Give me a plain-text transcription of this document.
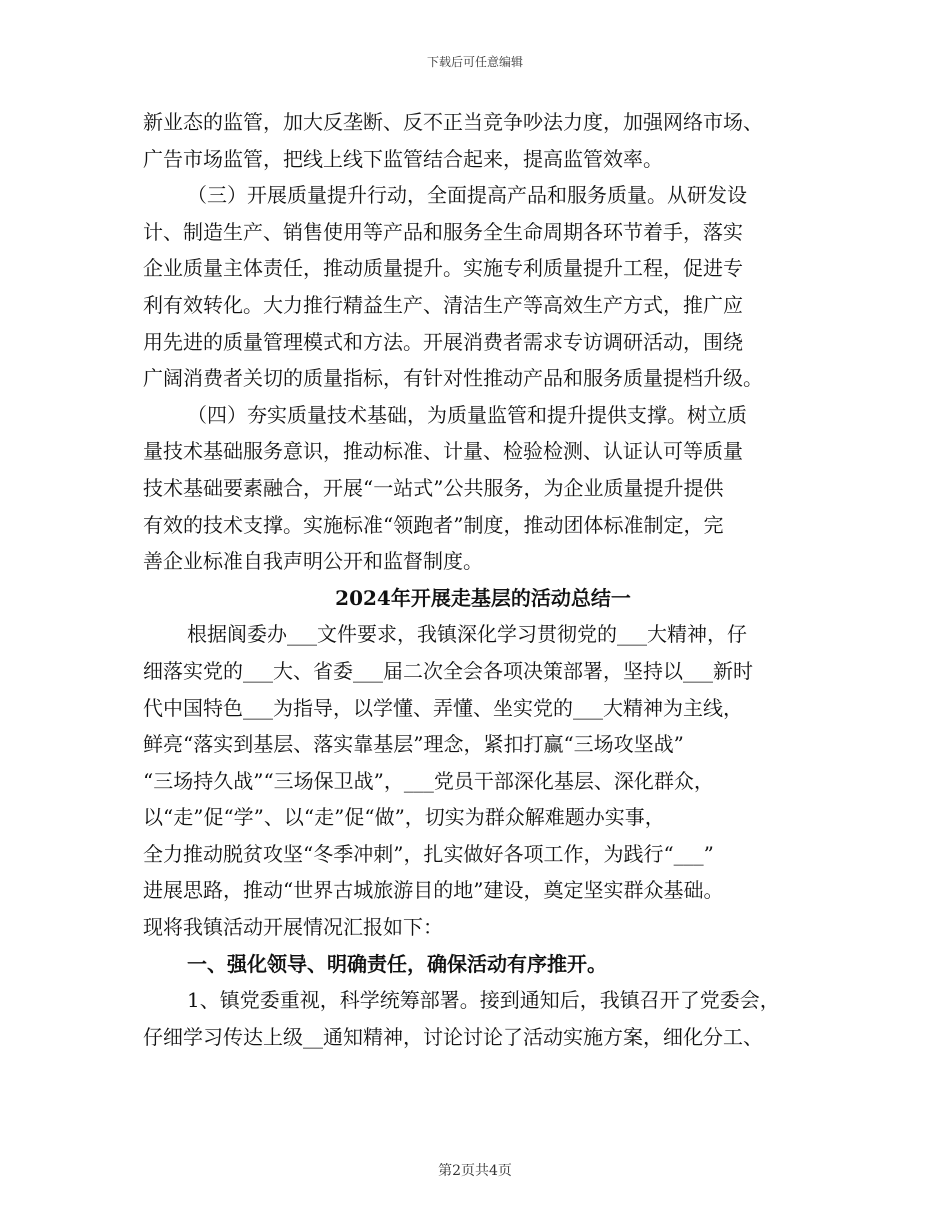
下载后可任意编辑
新业态的监管，加大反垄断、反不正当竞争吵法力度，加强网络市场、
广告市场监管，把线上线下监管结合起来，提高监管效率。
（三）开展质量提升行动，全面提高产品和服务质量。从研发设
计、制造生产、销售使用等产品和服务全生命周期各环节着手，落实
企业质量主体责任，推动质量提升。实施专利质量提升工程，促进专
利有效转化。大力推行精益生产、清洁生产等高效生产方式，推广应
用先进的质量管理模式和方法。开展消费者需求专访调研活动，围绕
广阔消费者关切的质量指标，有针对性推动产品和服务质量提档升级。
（四）夯实质量技术基础，为质量监管和提升提供支撑。树立质
量技术基础服务意识，推动标准、计量、检验检测、认证认可等质量
技术基础要素融合，开展“一站式”公共服务，为企业质量提升提供
有效的技术支撑。实施标准“领跑者”制度，推动团体标准制定，完
善企业标准自我声明公开和监督制度。
2024年开展走基层的活动总结一
根据阆委办___文件要求，我镇深化学习贯彻党的___大精神，仔
细落实党的___大、省委___届二次全会各项决策部署，坚持以___新时
代中国特色___为指导，以学懂、弄懂、坐实党的___大精神为主线，
鲜亮“落实到基层、落实靠基层”理念，紧扣打赢“三场攻坚战”
“三场持久战”“三场保卫战”，___党员干部深化基层、深化群众，
以“走”促“学”、以“走”促“做”，切实为群众解难题办实事，
全力推动脱贫攻坚“冬季冲刺”，扎实做好各项工作，为践行“___”
进展思路，推动“世界古城旅游目的地”建设，奠定坚实群众基础。
现将我镇活动开展情况汇报如下：
一、强化领导、明确责任，确保活动有序推开。
1、镇党委重视，科学统筹部署。接到通知后，我镇召开了党委会，
仔细学习传达上级__通知精神，讨论讨论了活动实施方案，细化分工、
第2页共4页
